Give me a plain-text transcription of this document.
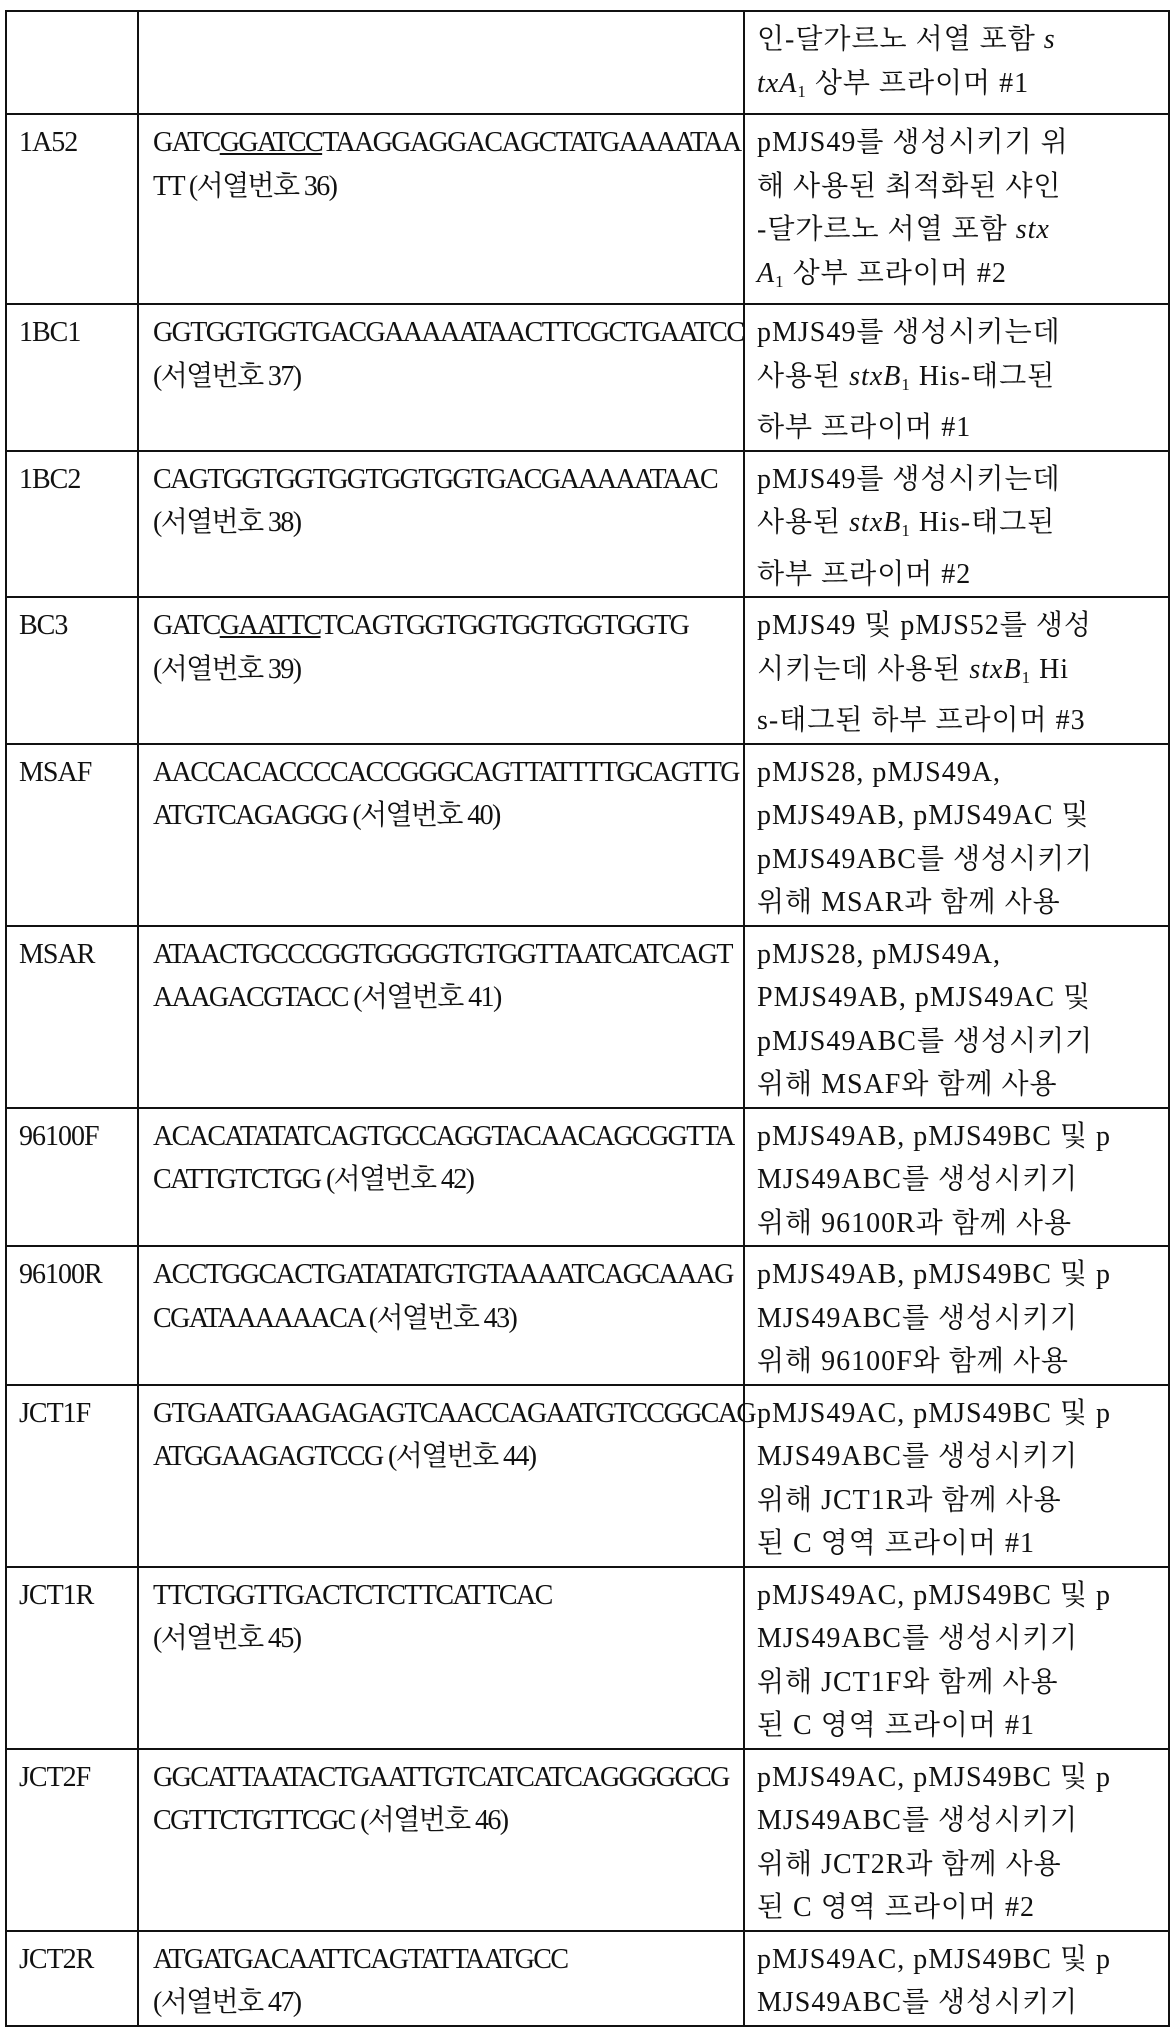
인-달가르노 서열 포함 s
txA1 상부 프라이머 #1

1A52	GATCGGATCCTAAGGAGGACAGCTATGAAAATAA
TT (서열번호 36)

pMJS49를 생성시키기 위
해 사용된 최적화된 샤인
-달가르노 서열 포함 stx
A1 상부 프라이머 #2

1BC1	GGTGGTGGTGACGAAAAATAACTTCGCTGAATCC
(서열번호 37)

pMJS49를 생성시키는데
사용된 stxB1 His-태그된
하부 프라이머 #1

1BC2	CAGTGGTGGTGGTGGTGGTGACGAAAAATAAC
(서열번호 38)

pMJS49를 생성시키는데
사용된 stxB1 His-태그된
하부 프라이머 #2

BC3	GATCGAATTCTCAGTGGTGGTGGTGGTGGTG
(서열번호 39)

pMJS49 및 pMJS52를 생성
시키는데 사용된 stxB1 Hi
s-태그된 하부 프라이머 #3

MSAF	AACCACACCCCACCGGGCAGTTATTTTGCAGTTG
ATGTCAGAGGG (서열번호 40)

pMJS28, pMJS49A,
pMJS49AB, pMJS49AC 및
pMJS49ABC를 생성시키기
위해 MSAR과 함께 사용

MSAR	ATAACTGCCCGGTGGGGTGTGGTTAATCATCAGT
AAAGACGTACC (서열번호 41)

pMJS28, pMJS49A,
PMJS49AB, pMJS49AC 및
pMJS49ABC를 생성시키기
위해 MSAF와 함께 사용

96100F	ACACATATATCAGTGCCAGGTACAACAGCGGTTA
CATTGTCTGG (서열번호 42)

pMJS49AB, pMJS49BC 및 p
MJS49ABC를 생성시키기
위해 96100R과 함께 사용

96100R	ACCTGGCACTGATATATGTGTAAAATCAGCAAAG
CGATAAAAAACA (서열번호 43)

pMJS49AB, pMJS49BC 및 p
MJS49ABC를 생성시키기
위해 96100F와 함께 사용

JCT1F	GTGAATGAAGAGAGTCAACCAGAATGTCCGGCAG
ATGGAAGAGTCCG (서열번호 44)

pMJS49AC, pMJS49BC 및 p
MJS49ABC를 생성시키기
위해 JCT1R과 함께 사용
된 C 영역 프라이머 #1

JCT1R	TTCTGGTTGACTCTCTTCATTCAC
(서열번호 45)

pMJS49AC, pMJS49BC 및 p
MJS49ABC를 생성시키기
위해 JCT1F와 함께 사용
된 C 영역 프라이머 #1

JCT2F	GGCATTAATACTGAATTGTCATCATCAGGGGGCG
CGTTCTGTTCGC (서열번호 46)

pMJS49AC, pMJS49BC 및 p
MJS49ABC를 생성시키기
위해 JCT2R과 함께 사용
된 C 영역 프라이머 #2

JCT2R	ATGATGACAATTCAGTATTAATGCC
(서열번호 47)

pMJS49AC, pMJS49BC 및 p
MJS49ABC를 생성시키기
